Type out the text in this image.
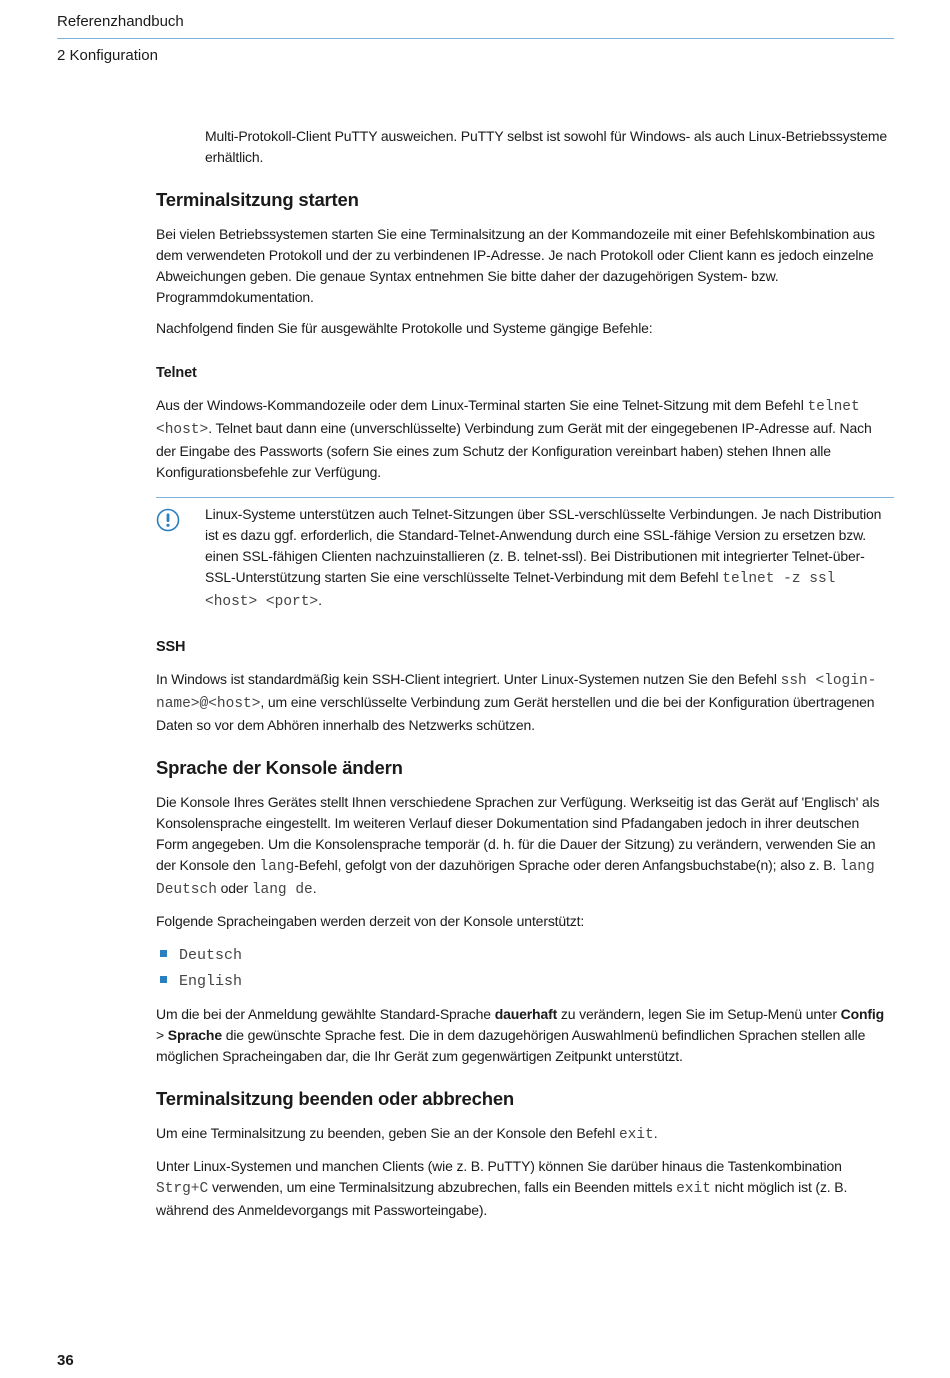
Referenzhandbuch
2 Konfiguration

Multi-Protokoll-Client PuTTY ausweichen. PuTTY selbst ist sowohl für Windows- als auch Linux-Betriebssysteme erhältlich.

Terminalsitzung starten

Bei vielen Betriebssystemen starten Sie eine Terminalsitzung an der Kommandozeile mit einer Befehlskombination aus dem verwendeten Protokoll und der zu verbindenen IP-Adresse. Je nach Protokoll oder Client kann es jedoch einzelne Abweichungen geben. Die genaue Syntax entnehmen Sie bitte daher der dazugehörigen System- bzw. Programmdokumentation.

Nachfolgend finden Sie für ausgewählte Protokolle und Systeme gängige Befehle:

Telnet

Aus der Windows-Kommandozeile oder dem Linux-Terminal starten Sie eine Telnet-Sitzung mit dem Befehl telnet <host>. Telnet baut dann eine (unverschlüsselte) Verbindung zum Gerät mit der eingegebenen IP-Adresse auf. Nach der Eingabe des Passworts (sofern Sie eines zum Schutz der Konfiguration vereinbart haben) stehen Ihnen alle Konfigurationsbefehle zur Verfügung.

Linux-Systeme unterstützen auch Telnet-Sitzungen über SSL-verschlüsselte Verbindungen. Je nach Distribution ist es dazu ggf. erforderlich, die Standard-Telnet-Anwendung durch eine SSL-fähige Version zu ersetzen bzw. einen SSL-fähigen Clienten nachzuinstallieren (z. B. telnet-ssl). Bei Distributionen mit integrierter Telnet-über-SSL-Unterstützung starten Sie eine verschlüsselte Telnet-Verbindung mit dem Befehl telnet -z ssl <host> <port>.
SSH

In Windows ist standardmäßig kein SSH-Client integriert. Unter Linux-Systemen nutzen Sie den Befehl ssh <login-name>@<host>, um eine verschlüsselte Verbindung zum Gerät herstellen und die bei der Konfiguration übertragenen Daten so vor dem Abhören innerhalb des Netzwerks schützen.

Sprache der Konsole ändern

Die Konsole Ihres Gerätes stellt Ihnen verschiedene Sprachen zur Verfügung. Werkseitig ist das Gerät auf 'Englisch' als Konsolensprache eingestellt. Im weiteren Verlauf dieser Dokumentation sind Pfadangaben jedoch in ihrer deutschen Form angegeben. Um die Konsolensprache temporär (d. h. für die Dauer der Sitzung) zu verändern, verwenden Sie an der Konsole den lang-Befehl, gefolgt von der dazuhörigen Sprache oder deren Anfangsbuchstabe(n); also z. B. lang Deutsch oder lang de.

Folgende Spracheingaben werden derzeit von der Konsole unterstützt:

Deutsch
English

Um die bei der Anmeldung gewählte Standard-Sprache dauerhaft zu verändern, legen Sie im Setup-Menü unter Config > Sprache die gewünschte Sprache fest. Die in dem dazugehörigen Auswahlmenü befindlichen Sprachen stellen alle möglichen Spracheingaben dar, die Ihr Gerät zum gegenwärtigen Zeitpunkt unterstützt.

Terminalsitzung beenden oder abbrechen

Um eine Terminalsitzung zu beenden, geben Sie an der Konsole den Befehl exit.

Unter Linux-Systemen und manchen Clients (wie z. B. PuTTY) können Sie darüber hinaus die Tastenkombination Strg+C verwenden, um eine Terminalsitzung abzubrechen, falls ein Beenden mittels exit nicht möglich ist (z. B. während des Anmeldevorgangs mit Passworteingabe).

36
